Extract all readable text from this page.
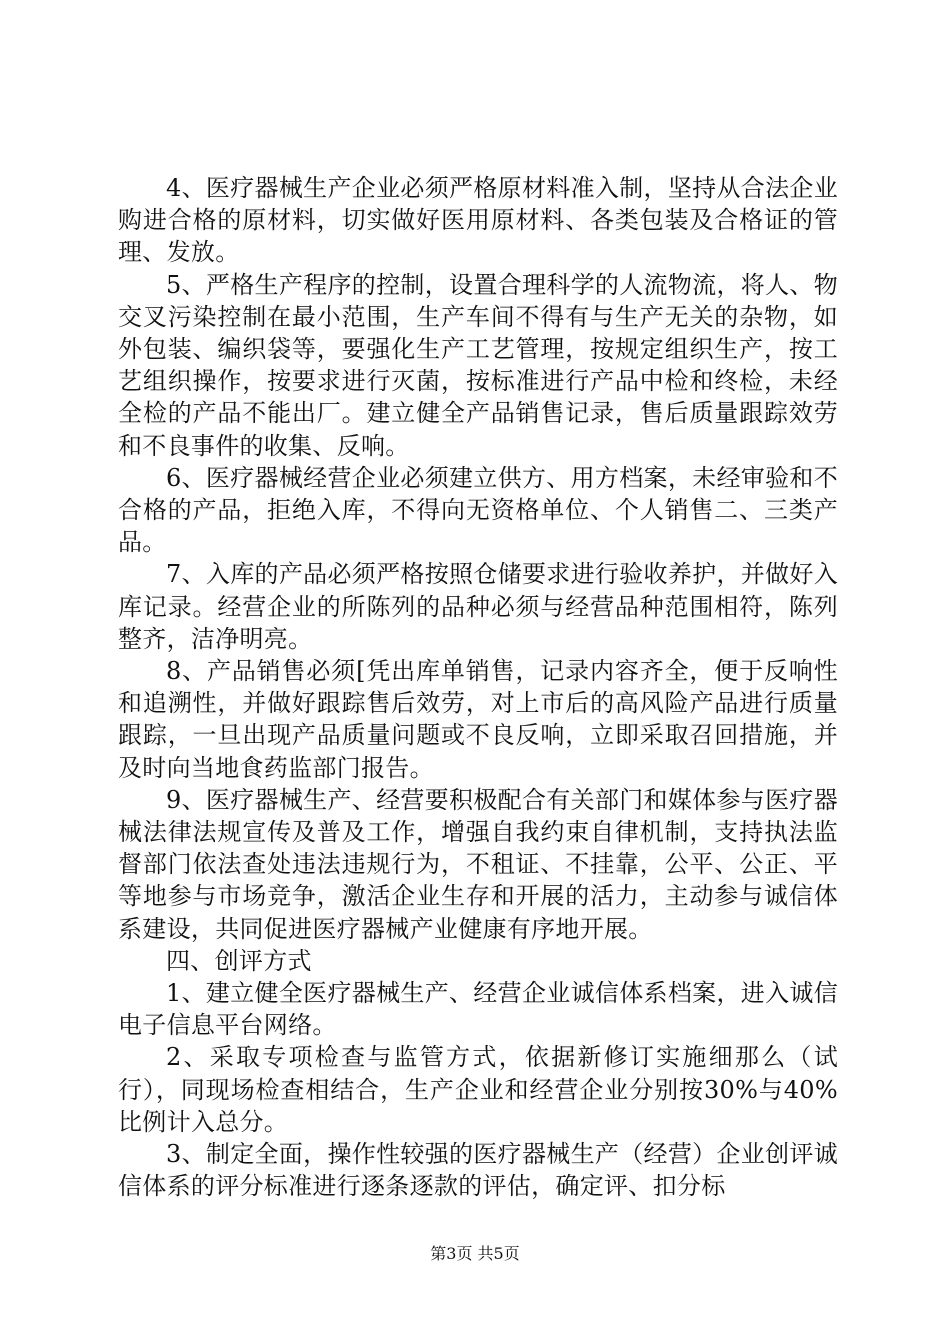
4、医疗器械生产企业必须严格原材料准入制，坚持从合法企业购进合格的原材料，切实做好医用原材料、各类包装及合格证的管理、发放。

5、严格生产程序的控制，设置合理科学的人流物流，将人、物交叉污染控制在最小范围，生产车间不得有与生产无关的杂物，如外包装、编织袋等，要强化生产工艺管理，按规定组织生产，按工艺组织操作，按要求进行灭菌，按标准进行产品中检和终检，未经全检的产品不能出厂。建立健全产品销售记录，售后质量跟踪效劳和不良事件的收集、反响。

6、医疗器械经营企业必须建立供方、用方档案，未经审验和不合格的产品，拒绝入库，不得向无资格单位、个人销售二、三类产品。

7、入库的产品必须严格按照仓储要求进行验收养护，并做好入库记录。经营企业的所陈列的品种必须与经营品种范围相符，陈列整齐，洁净明亮。

8、产品销售必须[凭出库单销售，记录内容齐全，便于反响性和追溯性，并做好跟踪售后效劳，对上市后的高风险产品进行质量跟踪，一旦出现产品质量问题或不良反响，立即采取召回措施，并及时向当地食药监部门报告。

9、医疗器械生产、经营要积极配合有关部门和媒体参与医疗器械法律法规宣传及普及工作，增强自我约束自律机制，支持执法监督部门依法查处违法违规行为，不租证、不挂靠，公平、公正、平等地参与市场竞争，激活企业生存和开展的活力，主动参与诚信体系建设，共同促进医疗器械产业健康有序地开展。

四、创评方式

1、建立健全医疗器械生产、经营企业诚信体系档案，进入诚信电子信息平台网络。

2、采取专项检查与监管方式，依据新修订实施细那么（试行），同现场检查相结合，生产企业和经营企业分别按30%与40%比例计入总分。

3、制定全面，操作性较强的医疗器械生产（经营）企业创评诚信体系的评分标准进行逐条逐款的评估，确定评、扣分标

第3页 共5页
